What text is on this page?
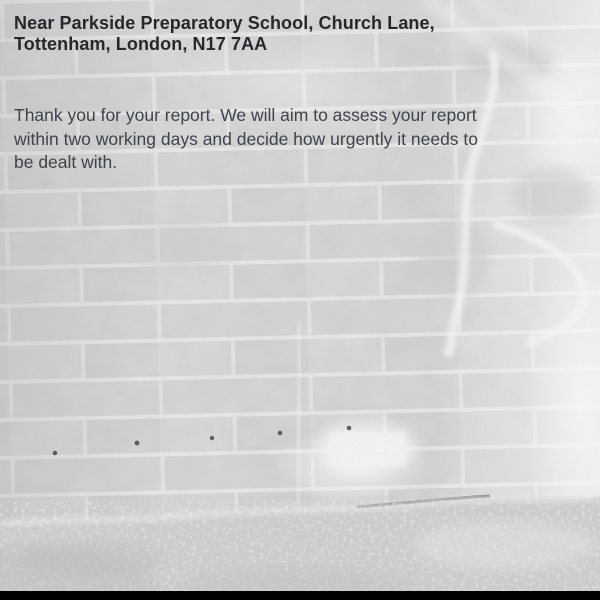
Near Parkside Preparatory School, Church Lane,
Tottenham, London, N17 7AA
Thank you for your report. We will aim to assess your report
within two working days and decide how urgently it needs to
be dealt with.
